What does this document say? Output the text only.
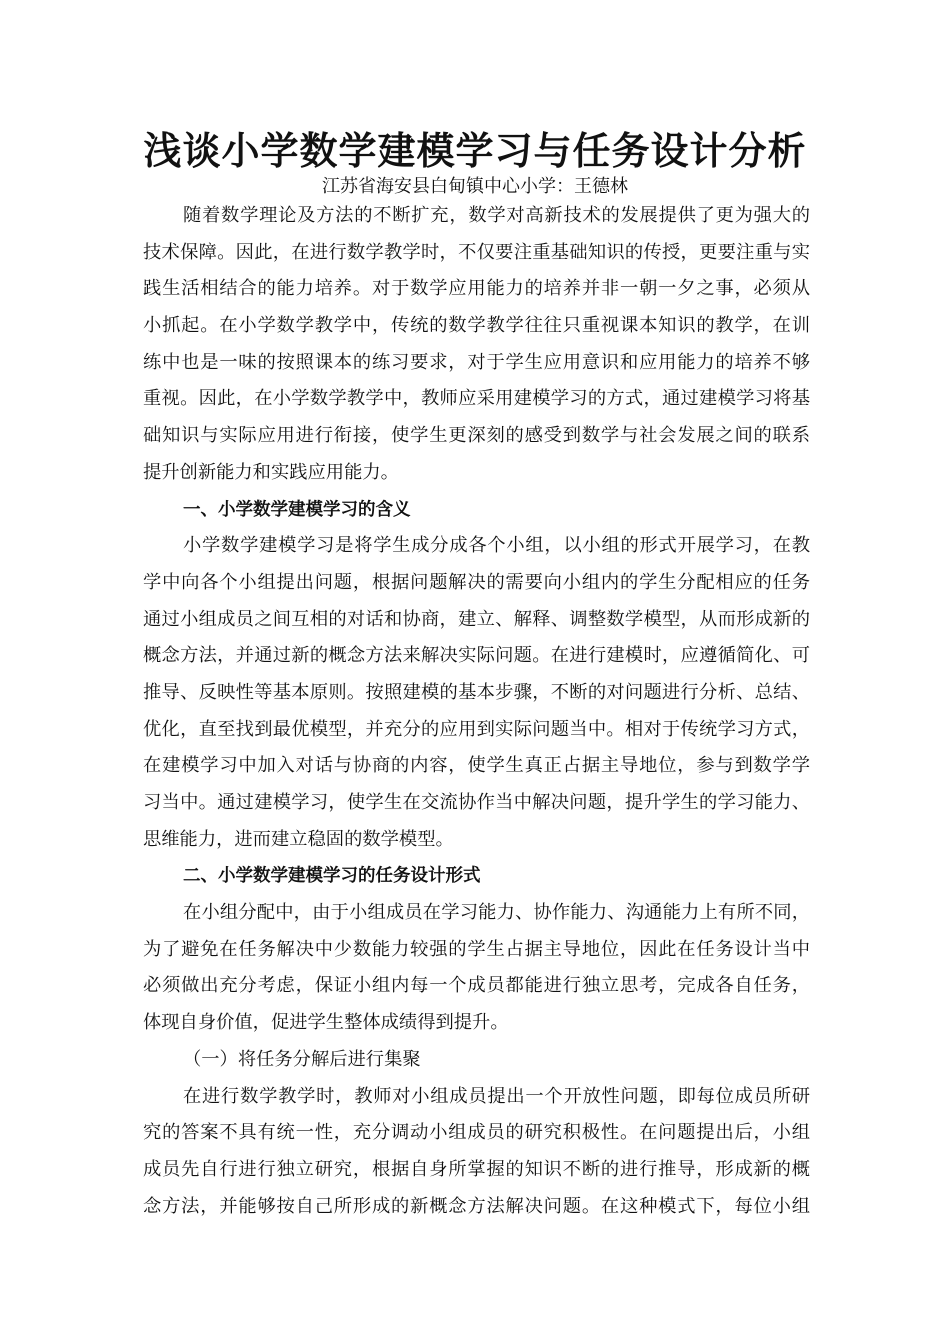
浅谈小学数学建模学习与任务设计分析

江苏省海安县白甸镇中心小学：王德林

随着数学理论及方法的不断扩充，数学对高新技术的发展提供了更为强大的
技术保障。因此，在进行数学教学时，不仅要注重基础知识的传授，更要注重与实
践生活相结合的能力培养。对于数学应用能力的培养并非一朝一夕之事，必须从
小抓起。在小学数学教学中，传统的数学教学往往只重视课本知识的教学，在训
练中也是一味的按照课本的练习要求，对于学生应用意识和应用能力的培养不够
重视。因此，在小学数学教学中，教师应采用建模学习的方式，通过建模学习将基
础知识与实际应用进行衔接，使学生更深刻的感受到数学与社会发展之间的联系
提升创新能力和实践应用能力。
一、小学数学建模学习的含义
小学数学建模学习是将学生成分成各个小组，以小组的形式开展学习，在教
学中向各个小组提出问题，根据问题解决的需要向小组内的学生分配相应的任务
通过小组成员之间互相的对话和协商，建立、解释、调整数学模型，从而形成新的
概念方法，并通过新的概念方法来解决实际问题。在进行建模时，应遵循简化、可
推导、反映性等基本原则。按照建模的基本步骤，不断的对问题进行分析、总结、
优化，直至找到最优模型，并充分的应用到实际问题当中。相对于传统学习方式，
在建模学习中加入对话与协商的内容，使学生真正占据主导地位，参与到数学学
习当中。通过建模学习，使学生在交流协作当中解决问题，提升学生的学习能力、
思维能力，进而建立稳固的数学模型。
二、小学数学建模学习的任务设计形式
在小组分配中，由于小组成员在学习能力、协作能力、沟通能力上有所不同，
为了避免在任务解决中少数能力较强的学生占据主导地位，因此在任务设计当中
必须做出充分考虑，保证小组内每一个成员都能进行独立思考，完成各自任务，
体现自身价值，促进学生整体成绩得到提升。
（一）将任务分解后进行集聚
在进行数学教学时，教师对小组成员提出一个开放性问题，即每位成员所研
究的答案不具有统一性，充分调动小组成员的研究积极性。在问题提出后，小组
成员先自行进行独立研究，根据自身所掌握的知识不断的进行推导，形成新的概
念方法，并能够按自己所形成的新概念方法解决问题。在这种模式下，每位小组
